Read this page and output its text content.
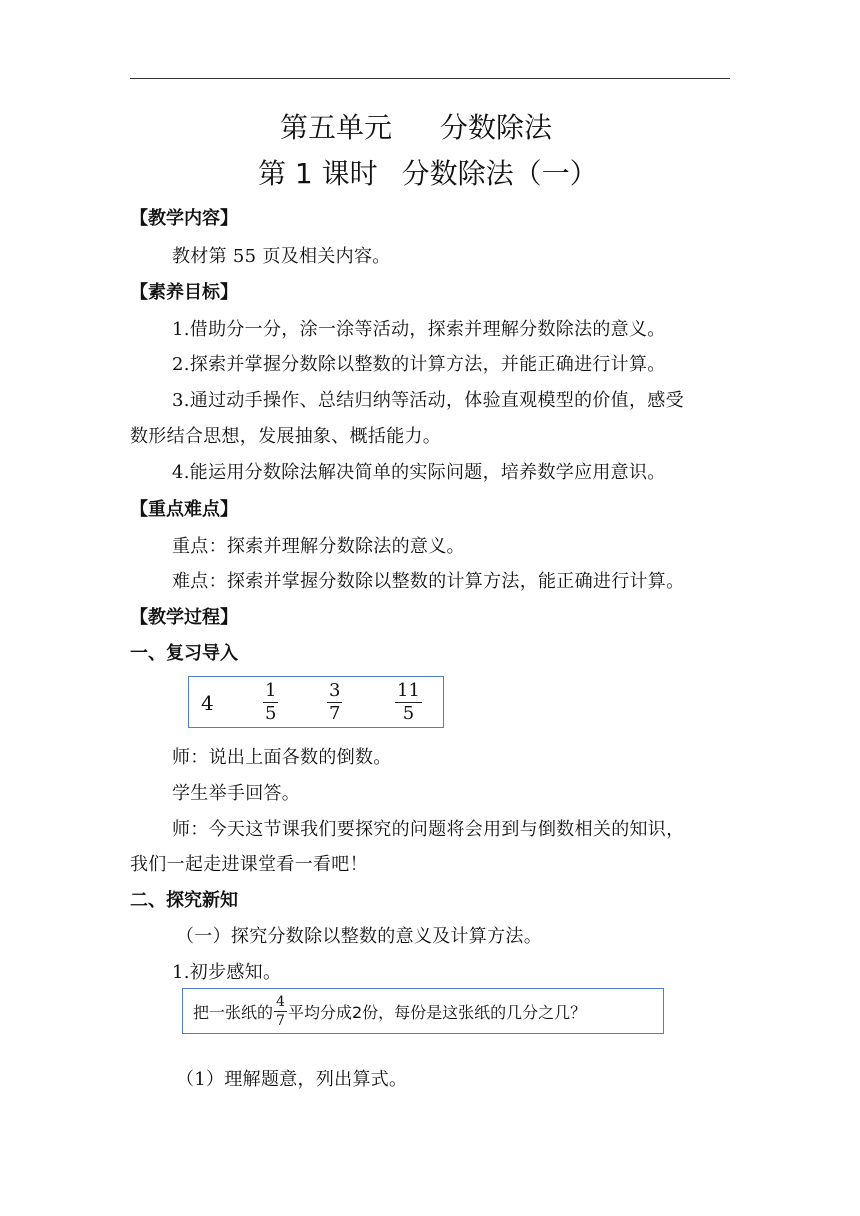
第五单元 分数除法
第 1 课时 分数除法（一）
【教学内容】
教材第 55 页及相关内容。
【素养目标】
1.借助分一分，涂一涂等活动，探索并理解分数除法的意义。
2.探索并掌握分数除以整数的计算方法，并能正确进行计算。
3.通过动手操作、总结归纳等活动，体验直观模型的价值，感受
数形结合思想，发展抽象、概括能力。
4.能运用分数除法解决简单的实际问题，培养数学应用意识。
【重点难点】
重点：探索并理解分数除法的意义。
难点：探索并掌握分数除以整数的计算方法，能正确进行计算。
【教学过程】
一、复习导入
4
1
5
3
7
11
5
师：说出上面各数的倒数。
学生举手回答。
师：今天这节课我们要探究的问题将会用到与倒数相关的知识，
我们一起走进课堂看一看吧！
二、探究新知
（一）探究分数除以整数的意义及计算方法。
1.初步感知。
把一张纸的 $\frac{4}{7}$ 平均分成2份，每份是这张纸的几分之几？
（1）理解题意，列出算式。
